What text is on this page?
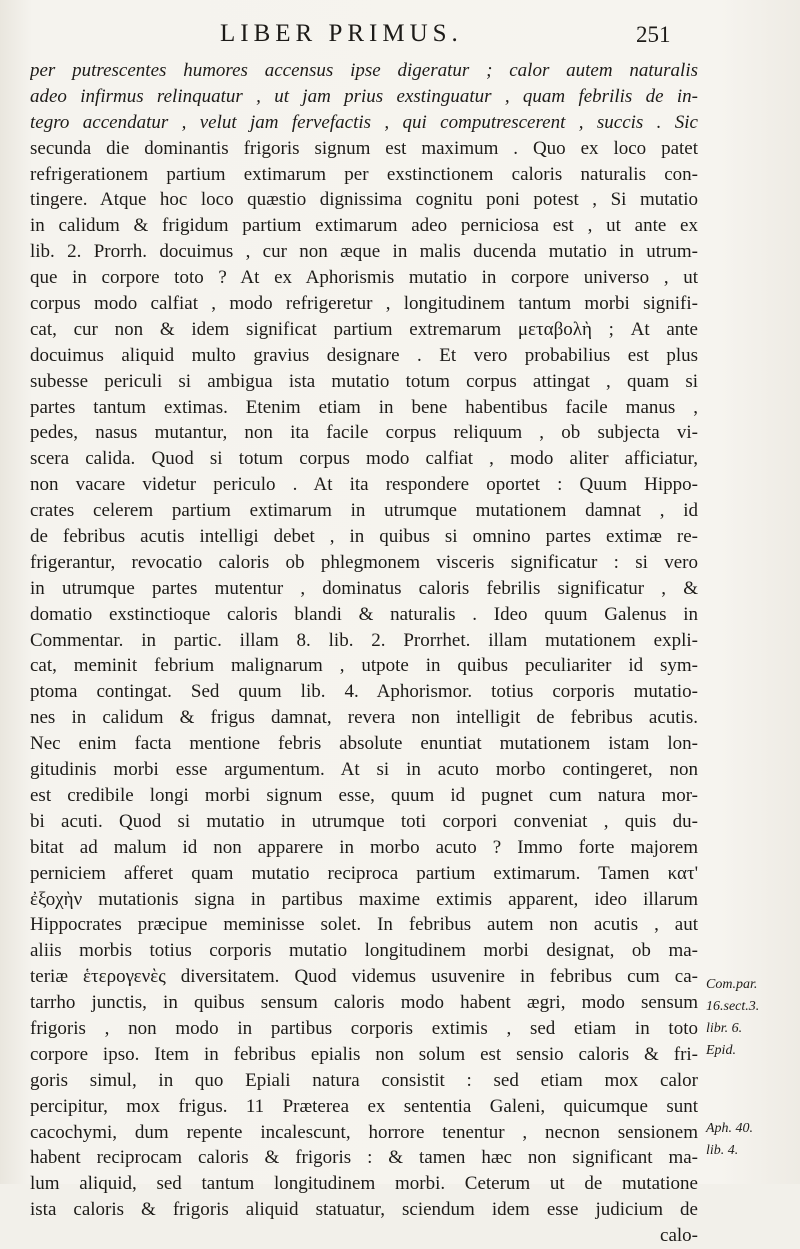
LIBER PRIMUS.	251
per putrescentes humores accensus ipse digeratur ; calor autem naturalis
adeo infirmus relinquatur , ut jam prius exstinguatur , quam febrilis de in-
tegro accendatur , velut jam fervefactis , qui computrescerent , succis . Sic
secunda die dominantis frigoris signum est maximum . Quo ex loco patet
refrigerationem partium extimarum per exstinctionem caloris naturalis con-
tingere. Atque hoc loco quæstio dignissima cognitu poni potest , Si mutatio
in calidum & frigidum partium extimarum adeo perniciosa est , ut ante ex
lib. 2. Prorrh. docuimus , cur non æque in malis ducenda mutatio in utrum-
que in corpore toto ? At ex Aphorismis mutatio in corpore universo , ut
corpus modo calfiat , modo refrigeretur , longitudinem tantum morbi signifi-
cat, cur non & idem significat partium extremarum μεταβολὴ ; At ante
docuimus aliquid multo gravius designare . Et vero probabilius est plus
subesse periculi si ambigua ista mutatio totum corpus attingat , quam si
partes tantum extimas. Etenim etiam in bene habentibus facile manus ,
pedes, nasus mutantur, non ita facile corpus reliquum , ob subjecta vi-
scera calida. Quod si totum corpus modo calfiat , modo aliter afficiatur,
non vacare videtur periculo . At ita respondere oportet : Quum Hippo-
crates celerem partium extimarum in utrumque mutationem damnat , id
de febribus acutis intelligi debet , in quibus si omnino partes extimæ re-
frigerantur, revocatio caloris ob phlegmonem visceris significatur : si vero
in utrumque partes mutentur , dominatus caloris febrilis significatur , &
domatio exstinctioque caloris blandi & naturalis . Ideo quum Galenus in
Commentar. in partic. illam 8. lib. 2. Prorrhet. illam mutationem expli-
cat, meminit febrium malignarum , utpote in quibus peculiariter id sym-
ptoma contingat. Sed quum lib. 4. Aphorismor. totius corporis mutatio-
nes in calidum & frigus damnat, revera non intelligit de febribus acutis.
Nec enim facta mentione febris absolute enuntiat mutationem istam lon-
gitudinis morbi esse argumentum. At si in acuto morbo contingeret, non
est credibile longi morbi signum esse, quum id pugnet cum natura mor-
bi acuti. Quod si mutatio in utrumque toti corpori conveniat , quis du-
bitat ad malum id non apparere in morbo acuto ? Immo forte majorem
perniciem afferet quam mutatio reciproca partium extimarum. Tamen κατ'
ἐξοχὴν mutationis signa in partibus maxime extimis apparent, ideo illarum
Hippocrates præcipue meminisse solet. In febribus autem non acutis , aut
aliis morbis totius corporis mutatio longitudinem morbi designat, ob ma-
teriæ ἑτερογενὲς diversitatem. Quod videmus usuvenire in febribus cum ca-
tarrho junctis, in quibus sensum caloris modo habent ægri, modo sensum
frigoris , non modo in partibus corporis extimis , sed etiam in toto
corpore ipso. Item in febribus epialis non solum est sensio caloris & fri-
goris simul, in quo Epiali natura consistit : sed etiam mox calor
percipitur, mox frigus. 11 Præterea ex sententia Galeni, quicumque sunt
cacochymi, dum repente incalescunt, horrore tenentur , necnon sensionem
habent reciprocam caloris & frigoris : & tamen hæc non significant ma-
lum aliquid, sed tantum longitudinem morbi. Ceterum ut de mutatione
ista caloris & frigoris aliquid statuatur, sciendum idem esse judicium de
calo-
Com.par.
16.sect.3.
libr. 6.
Epid.
Aph. 40.
lib. 4.
